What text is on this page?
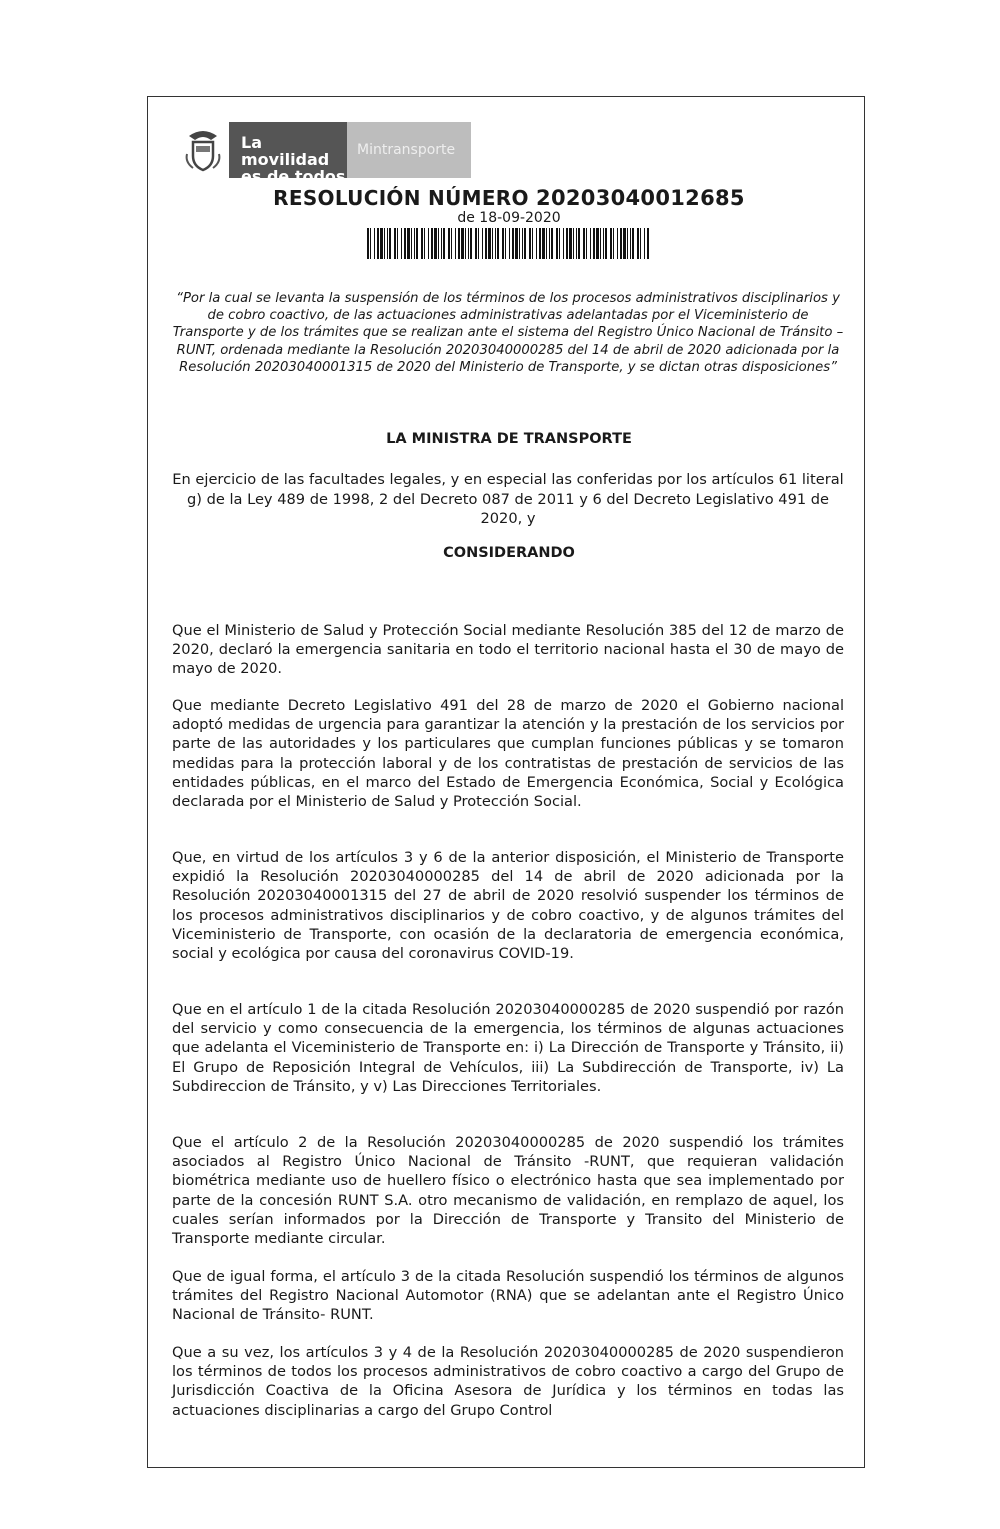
La movilidad
es de todos
Mintransporte
RESOLUCIÓN NÚMERO 20203040012685
de 18-09-2020
“Por la cual se levanta la suspensión de los términos de los procesos administrativos disciplinarios y de cobro coactivo, de las actuaciones administrativas adelantadas por el Viceministerio de Transporte y de los trámites que se realizan ante el sistema del Registro Único Nacional de Tránsito –RUNT, ordenada mediante la Resolución 20203040000285 del 14 de abril de 2020 adicionada por la Resolución 20203040001315 de 2020 del Ministerio de Transporte, y se dictan otras disposiciones”
LA MINISTRA DE TRANSPORTE
En ejercicio de las facultades legales, y en especial las conferidas por los artículos 61 literal g) de la Ley 489 de 1998, 2 del Decreto 087 de 2011 y 6 del Decreto Legislativo 491 de 2020, y
CONSIDERANDO
Que el Ministerio de Salud y Protección Social mediante Resolución 385 del 12 de marzo de 2020, declaró la emergencia sanitaria en todo el territorio nacional hasta el 30 de mayo de mayo de 2020.
Que mediante Decreto Legislativo 491 del 28 de marzo de 2020 el Gobierno nacional adoptó medidas de urgencia para garantizar la atención y la prestación de los servicios por parte de las autoridades y los particulares que cumplan funciones públicas y se tomaron medidas para la protección laboral y de los contratistas de prestación de servicios de las entidades públicas, en el marco del Estado de Emergencia Económica, Social y Ecológica declarada por el Ministerio de Salud y Protección Social.
Que, en virtud de los artículos 3 y 6 de la anterior disposición, el Ministerio de Transporte expidió la Resolución 20203040000285 del 14 de abril de 2020 adicionada por la Resolución 20203040001315 del 27 de abril de 2020 resolvió suspender los términos de los procesos administrativos disciplinarios y de cobro coactivo, y de algunos trámites del Viceministerio de Transporte, con ocasión de la declaratoria de emergencia económica, social y ecológica por causa del coronavirus COVID-19.
Que en el artículo 1 de la citada Resolución 20203040000285 de 2020 suspendió por razón del servicio y como consecuencia de la emergencia, los términos de algunas actuaciones que adelanta el Viceministerio de Transporte en: i) La Dirección de Transporte y Tránsito, ii) El Grupo de Reposición Integral de Vehículos, iii) La Subdirección de Transporte, iv) La Subdireccion de Tránsito, y v) Las Direcciones Territoriales.
Que el artículo 2 de la Resolución 20203040000285 de 2020 suspendió los trámites asociados al Registro Único Nacional de Tránsito -RUNT, que requieran validación biométrica mediante uso de huellero físico o electrónico hasta que sea implementado por parte de la concesión RUNT S.A. otro mecanismo de validación, en remplazo de aquel, los cuales serían informados por la Dirección de Transporte y Transito del Ministerio de Transporte mediante circular.
Que de igual forma, el artículo 3 de la citada Resolución suspendió los términos de algunos trámites del Registro Nacional Automotor (RNA) que se adelantan ante el Registro Único Nacional de Tránsito- RUNT.
Que a su vez, los artículos 3 y 4 de la Resolución 20203040000285 de 2020 suspendieron los términos de todos los procesos administrativos de cobro coactivo a cargo del Grupo de Jurisdicción Coactiva de la Oficina Asesora de Jurídica y los términos en todas las actuaciones disciplinarias a cargo del Grupo Control
